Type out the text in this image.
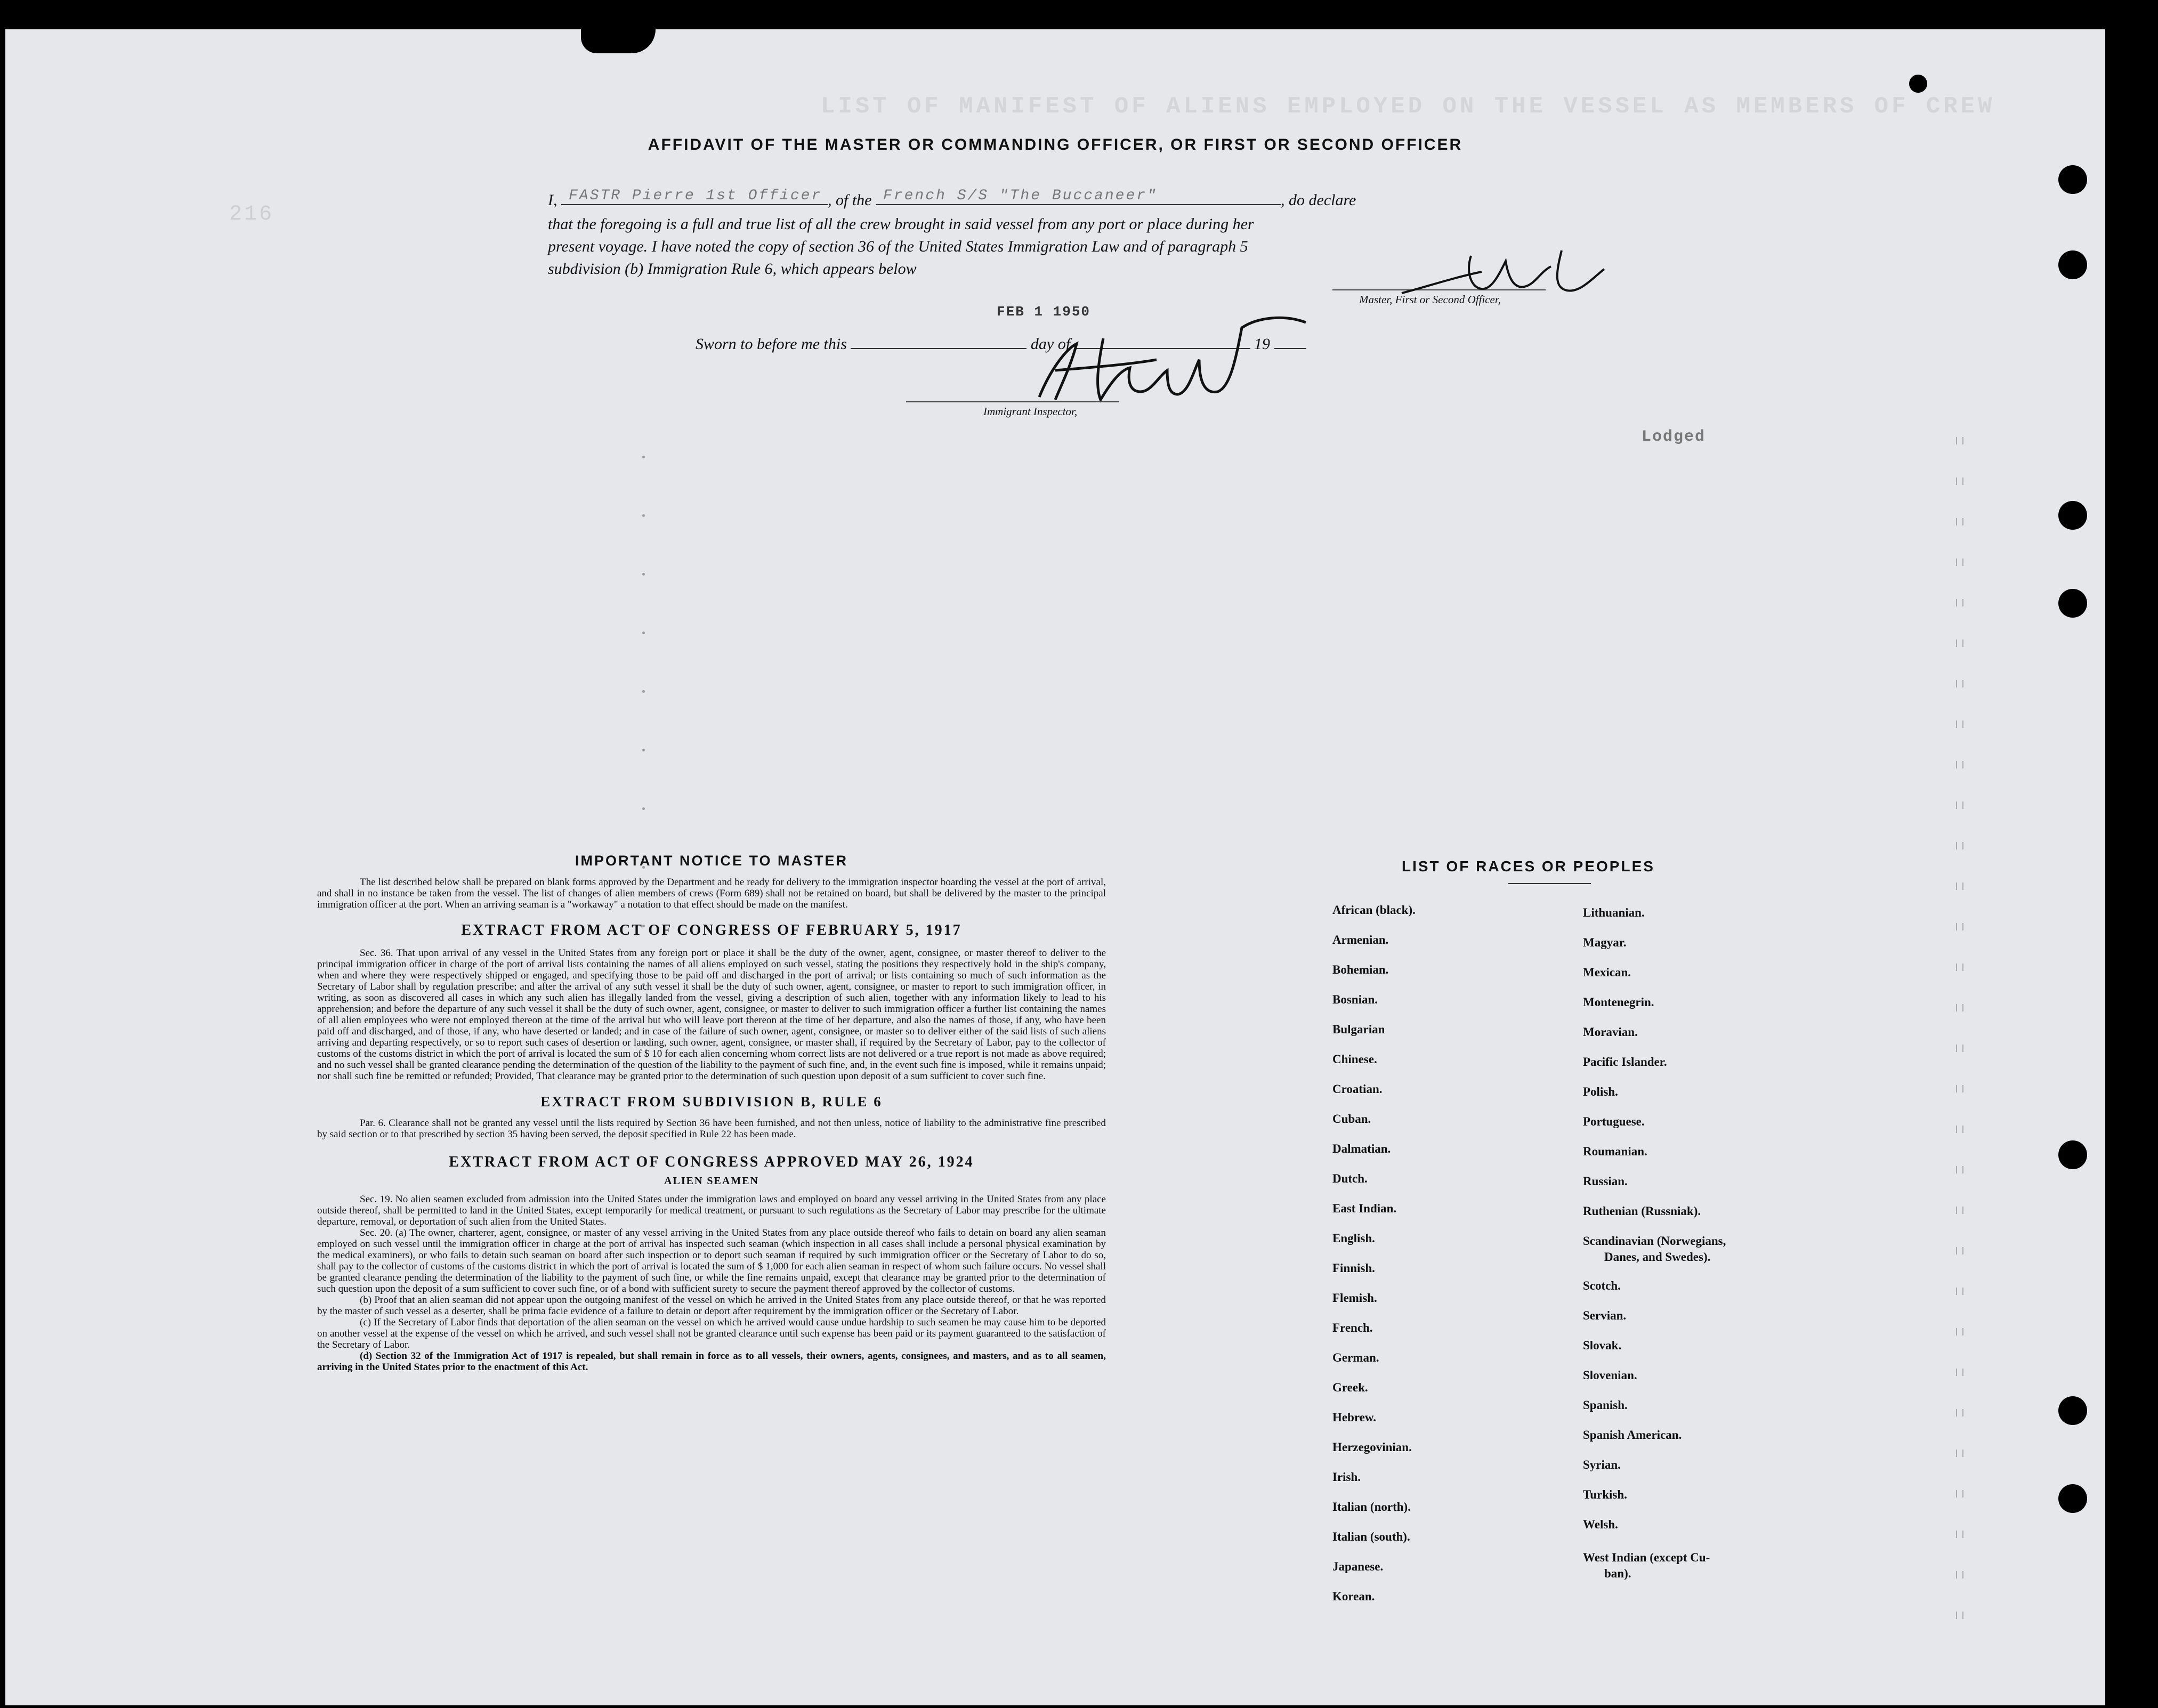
LIST OF MANIFEST OF ALIENS EMPLOYED ON THE VESSEL AS MEMBERS OF CREW
216
Lodged
AFFIDAVIT OF THE MASTER OR COMMANDING OFFICER, OR FIRST OR SECOND OFFICER
I, FASTR Pierre 1st Officer , of the French S/S "The Buccaneer"	, do declare
that the foregoing is a full and true list of all the crew brought in said vessel from any port or place during her
present voyage. I have noted the copy of section 36 of the United States Immigration Law and of paragraph 5
subdivision (b) Immigration Rule 6, which appears below
Master, First or Second Officer,
FEB 1 1950
Sworn to before me this	day of	19
Immigrant Inspector,
IMPORTANT NOTICE TO MASTER

The list described below shall be prepared on blank forms approved by the Department and be ready for delivery to the immigration inspector boarding the vessel at the port of arrival, and shall in no instance be taken from the vessel. The list of changes of alien members of crews (Form 689) shall not be retained on board, but shall be delivered by the master to the principal immigration officer at the port. When an arriving seaman is a "workaway" a notation to that effect should be made on the manifest.

EXTRACT FROM ACT OF CONGRESS OF FEBRUARY 5, 1917

Sec. 36. That upon arrival of any vessel in the United States from any foreign port or place it shall be the duty of the owner, agent, consignee, or master thereof to deliver to the principal immigration officer in charge of the port of arrival lists containing the names of all aliens employed on such vessel, stating the positions they respectively hold in the ship's company, when and where they were respectively shipped or engaged, and specifying those to be paid off and discharged in the port of arrival; or lists containing so much of such information as the Secretary of Labor shall by regulation prescribe; and after the arrival of any such vessel it shall be the duty of such owner, agent, consignee, or master to report to such immigration officer, in writing, as soon as discovered all cases in which any such alien has illegally landed from the vessel, giving a description of such alien, together with any information likely to lead to his apprehension; and before the departure of any such vessel it shall be the duty of such owner, agent, consignee, or master to deliver to such immigration officer a further list containing the names of all alien employees who were not employed thereon at the time of the arrival but who will leave port thereon at the time of her departure, and also the names of those, if any, who have been paid off and discharged, and of those, if any, who have deserted or landed; and in case of the failure of such owner, agent, consignee, or master so to deliver either of the said lists of such aliens arriving and departing respectively, or so to report such cases of desertion or landing, such owner, agent, consignee, or master shall, if required by the Secretary of Labor, pay to the collector of customs of the customs district in which the port of arrival is located the sum of $ 10 for each alien concerning whom correct lists are not delivered or a true report is not made as above required; and no such vessel shall be granted clearance pending the determination of the question of the liability to the payment of such fine, and, in the event such fine is imposed, while it remains unpaid; nor shall such fine be remitted or refunded; Provided, That clearance may be granted prior to the determination of such question upon deposit of a sum sufficient to cover such fine.

EXTRACT FROM SUBDIVISION B, RULE 6

Par. 6. Clearance shall not be granted any vessel until the lists required by Section 36 have been furnished, and not then unless, notice of liability to the administrative fine prescribed by said section or to that prescribed by section 35 having been served, the deposit specified in Rule 22 has been made.

EXTRACT FROM ACT OF CONGRESS APPROVED MAY 26, 1924
ALIEN SEAMEN

Sec. 19. No alien seamen excluded from admission into the United States under the immigration laws and employed on board any vessel arriving in the United States from any place outside thereof, shall be permitted to land in the United States, except temporarily for medical treatment, or pursuant to such regulations as the Secretary of Labor may prescribe for the ultimate departure, removal, or deportation of such alien from the United States.

Sec. 20. (a) The owner, charterer, agent, consignee, or master of any vessel arriving in the United States from any place outside thereof who fails to detain on board any alien seaman employed on such vessel until the immigration officer in charge at the port of arrival has inspected such seaman (which inspection in all cases shall include a personal physical examination by the medical examiners), or who fails to detain such seaman on board after such inspection or to deport such seaman if required by such immigration officer or the Secretary of Labor to do so, shall pay to the collector of customs of the customs district in which the port of arrival is located the sum of $ 1,000 for each alien seaman in respect of whom such failure occurs. No vessel shall be granted clearance pending the determination of the liability to the payment of such fine, or while the fine remains unpaid, except that clearance may be granted prior to the determination of such question upon the deposit of a sum sufficient to cover such fine, or of a bond with sufficient surety to secure the payment thereof approved by the collector of customs.

(b) Proof that an alien seaman did not appear upon the outgoing manifest of the vessel on which he arrived in the United States from any place outside thereof, or that he was reported by the master of such vessel as a deserter, shall be prima facie evidence of a failure to detain or deport after requirement by the immigration officer or the Secretary of Labor.

(c) If the Secretary of Labor finds that deportation of the alien seaman on the vessel on which he arrived would cause undue hardship to such seamen he may cause him to be deported on another vessel at the expense of the vessel on which he arrived, and such vessel shall not be granted clearance until such expense has been paid or its payment guaranteed to the satisfaction of the Secretary of Labor.

(d) Section 32 of the Immigration Act of 1917 is repealed, but shall remain in force as to all vessels, their owners, agents, consignees, and masters, and as to all seamen, arriving in the United States prior to the enactment of this Act.

LIST OF RACES OR PEOPLES
African (black).
Armenian.
Bohemian.
Bosnian.
Bulgarian
Chinese.
Croatian.
Cuban.
Dalmatian.
Dutch.
East Indian.
English.
Finnish.
Flemish.
French.
German.
Greek.
Hebrew.
Herzegovinian.
Irish.
Italian (north).
Italian (south).
Japanese.
Korean.
Lithuanian.
Magyar.
Mexican.
Montenegrin.
Moravian.
Pacific Islander.
Polish.
Portuguese.
Roumanian.
Russian.
Ruthenian (Russniak).
Scandinavian (Norwegians,
Danes, and Swedes).
Scotch.
Servian.
Slovak.
Slovenian.
Spanish.
Spanish American.
Syrian.
Turkish.
Welsh.
West Indian (except Cu-
ban).
